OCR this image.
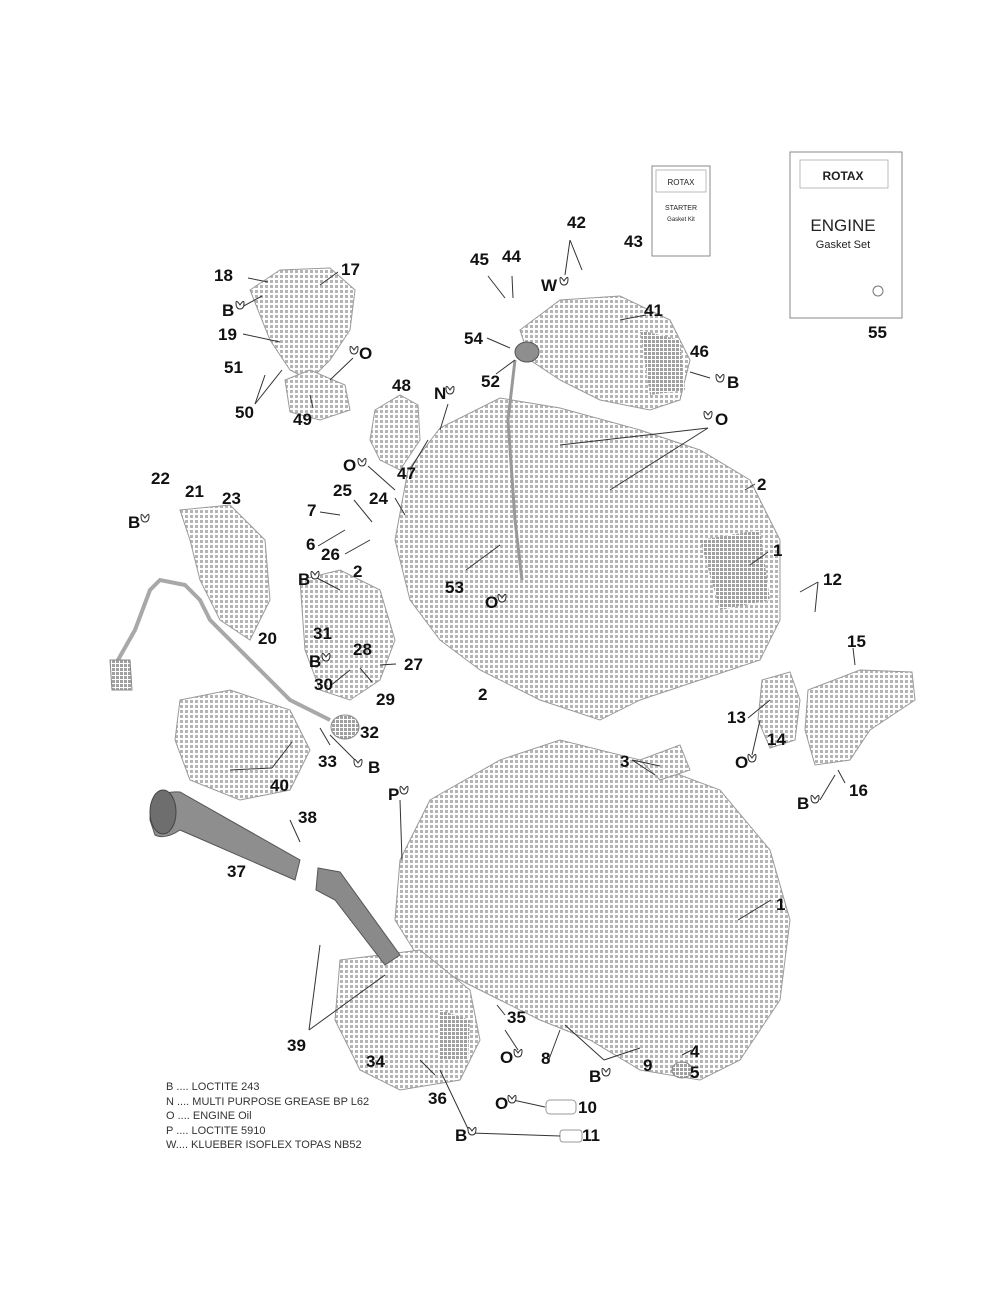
ROTAX
STARTER
Gasket Kit
ROTAX
ENGINE
Gasket Set
B
O
N
O
B
B
B
B
P
O
W
B
O
O
B
O
B
O
B
1
1
2
2
2
3
4
5
6
7
8	9
10
11
12
13
14
15
16
17
18
19
20
21
22
23	24
25
26
27
28
29
30
31
32
33
34
35
36
37
38
39
40
41
42
43
44
45
46
47
48
49
50
51
52
53
54	55
B .... LOCTITE 243
N .... MULTI PURPOSE GREASE BP L62
O .... ENGINE Oil
P .... LOCTITE 5910
W.... KLUEBER ISOFLEX TOPAS NB52
